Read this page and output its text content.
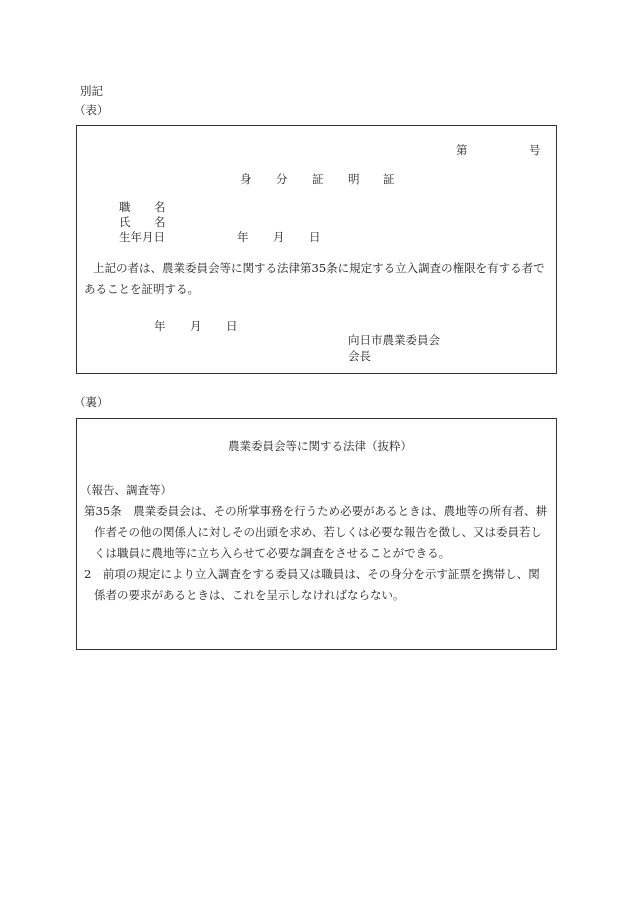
別記
（表）
第	号
身 分 証 明 証
職 名
氏 名
生年月日	年 月 日
上記の者は、農業委員会等に関する法律第35条に規定する立入調査の権限を有する者で
あることを証明する。
年 月 日
向日市農業委員会
会長
（裏）
農業委員会等に関する法律（抜粋）
（報告、調査等）
第35条　農業委員会は、その所掌事務を行うため必要があるときは、農地等の所有者、耕
作者その他の関係人に対しその出頭を求め、若しくは必要な報告を徴し、又は委員若し
くは職員に農地等に立ち入らせて必要な調査をさせることができる。
2　前項の規定により立入調査をする委員又は職員は、その身分を示す証票を携帯し、関
係者の要求があるときは、これを呈示しなければならない。
